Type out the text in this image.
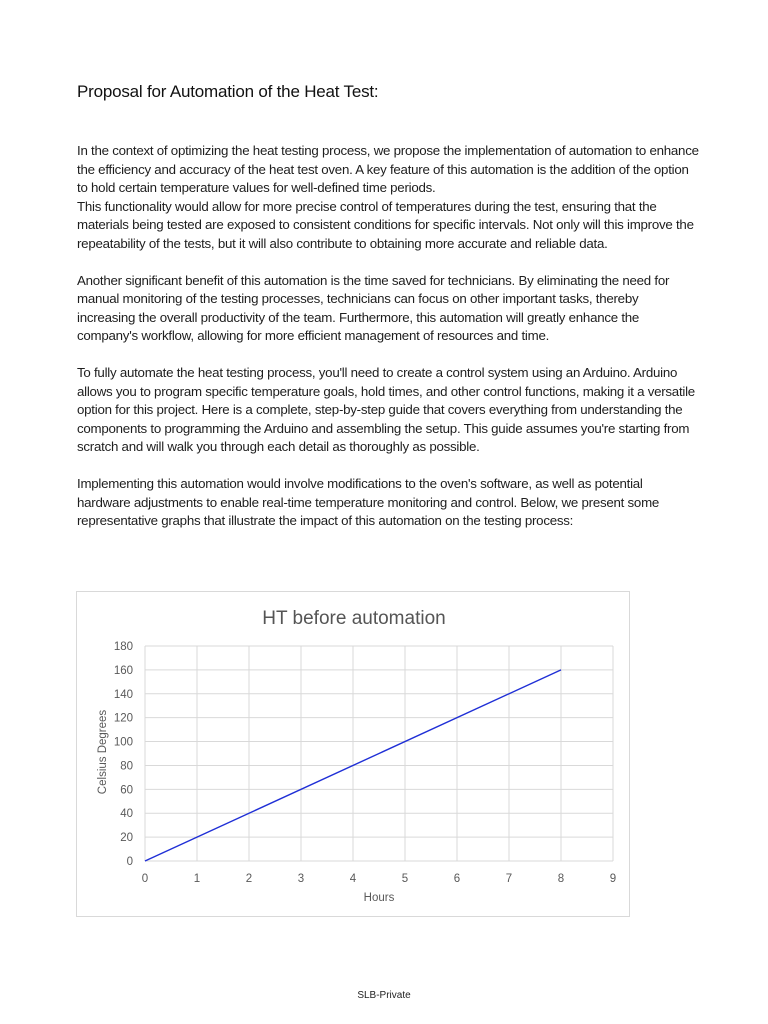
Proposal for Automation of the Heat Test:

In the context of optimizing the heat testing process, we propose the implementation of automation to enhance the efficiency and accuracy of the heat test oven. A key feature of this automation is the addition of the option to hold certain temperature values for well-defined time periods.
This functionality would allow for more precise control of temperatures during the test, ensuring that the materials being tested are exposed to consistent conditions for specific intervals. Not only will this improve the repeatability of the tests, but it will also contribute to obtaining more accurate and reliable data.

Another significant benefit of this automation is the time saved for technicians. By eliminating the need for manual monitoring of the testing processes, technicians can focus on other important tasks, thereby increasing the overall productivity of the team. Furthermore, this automation will greatly enhance the company's workflow, allowing for more efficient management of resources and time.

To fully automate the heat testing process, you'll need to create a control system using an Arduino. Arduino allows you to program specific temperature goals, hold times, and other control functions, making it a versatile option for this project. Here is a complete, step-by-step guide that covers everything from understanding the components to programming the Arduino and assembling the setup. This guide assumes you're starting from scratch and will walk you through each detail as thoroughly as possible.

Implementing this automation would involve modifications to the oven's software, as well as potential hardware adjustments to enable real-time temperature monitoring and control. Below, we present some representative graphs that illustrate the impact of this automation on the testing process:

HT before automation
0
20
40
60
80
100
120
140
160
180
0	1	2	3	4	5	6	7	8	9
Hours
Celsius Degrees
SLB-Private
